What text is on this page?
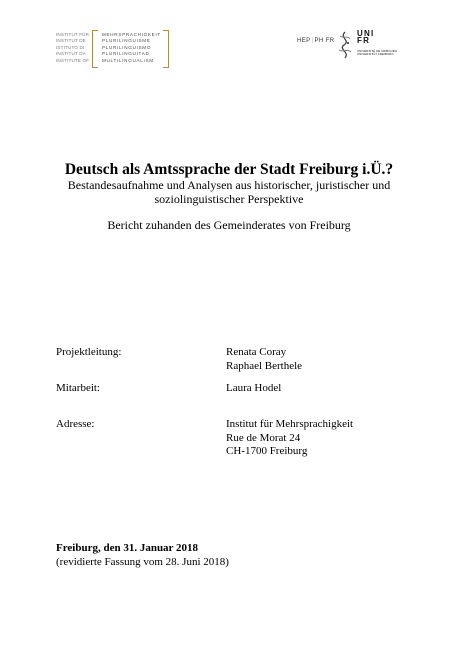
INSTITUT FÜR
INSTITUT DE
ISTITUTO DI
INSTITUT DA
INSTITUTE OF
MEHRSPRACHIGKEIT
PLURILINGUISME
PLURILINGUISMO
PLURILINGUITAD
MULTILINGUALISM
HEP|PH FR
UNI
FR
UNIVERSITÉ DE FRIBOURG
UNIVERSITÄT FREIBURG
Deutsch als Amtssprache der Stadt Freiburg i.Ü.?
Bestandesaufnahme und Analysen aus historischer, juristischer und
soziolinguistischer Perspektive
Bericht zuhanden des Gemeinderates von Freiburg
Projektleitung:	Renata Coray
Raphael Berthele
Mitarbeit:	Laura Hodel
Adresse:	Institut für Mehrsprachigkeit
Rue de Morat 24
CH-1700 Freiburg
Freiburg, den 31. Januar 2018
(revidierte Fassung vom 28. Juni 2018)
